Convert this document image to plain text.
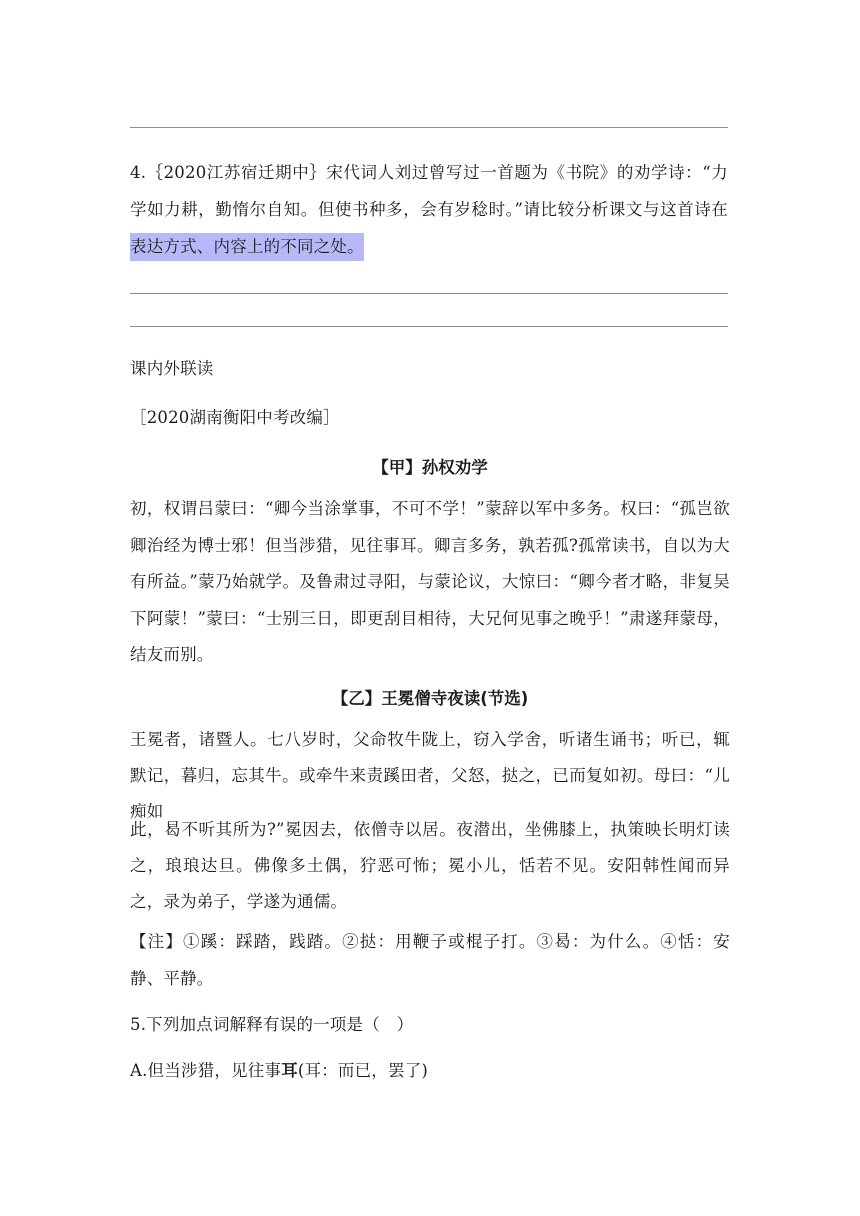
4.｛2020江苏宿迁期中｝宋代词人刘过曾写过一首题为《书院》的劝学诗：“力学如力耕，勤惰尔自知。但使书种多，会有岁稔时。”请比较分析课文与这首诗在表达方式、内容上的不同之处。

课内外联读

［2020湖南衡阳中考改编］

【甲】孙权劝学

初，权谓吕蒙曰：“卿今当涂掌事，不可不学！”蒙辞以军中多务。权曰：“孤岂欲卿治经为博士邪！但当涉猎，见往事耳。卿言多务，孰若孤?孤常读书，自以为大有所益。”蒙乃始就学。及鲁肃过寻阳，与蒙论议，大惊曰：“卿今者才略，非复吴下阿蒙！”蒙曰：“士别三日，即更刮目相待，大兄何见事之晚乎！”肃遂拜蒙母，结友而别。

【乙】王冕僧寺夜读(节选)

王冕者，诸暨人。七八岁时，父命牧牛陇上，窃入学舍，听诸生诵书；听已，辄默记，暮归，忘其牛。或牵牛来责蹊田者，父怒，挞之，已而复如初。母曰：“儿痴如

此，曷不听其所为?”冕因去，依僧寺以居。夜潜出，坐佛膝上，执策映长明灯读之，琅琅达旦。佛像多土偶，狞恶可怖；冕小儿，恬若不见。安阳韩性闻而异之，录为弟子，学遂为通儒。

【注】①蹊：踩踏，践踏。②挞：用鞭子或棍子打。③曷：为什么。④恬：安静、平静。

5.下列加点词解释有误的一项是（　）

A.但当涉猎，见往事耳(耳：而已，罢了)
